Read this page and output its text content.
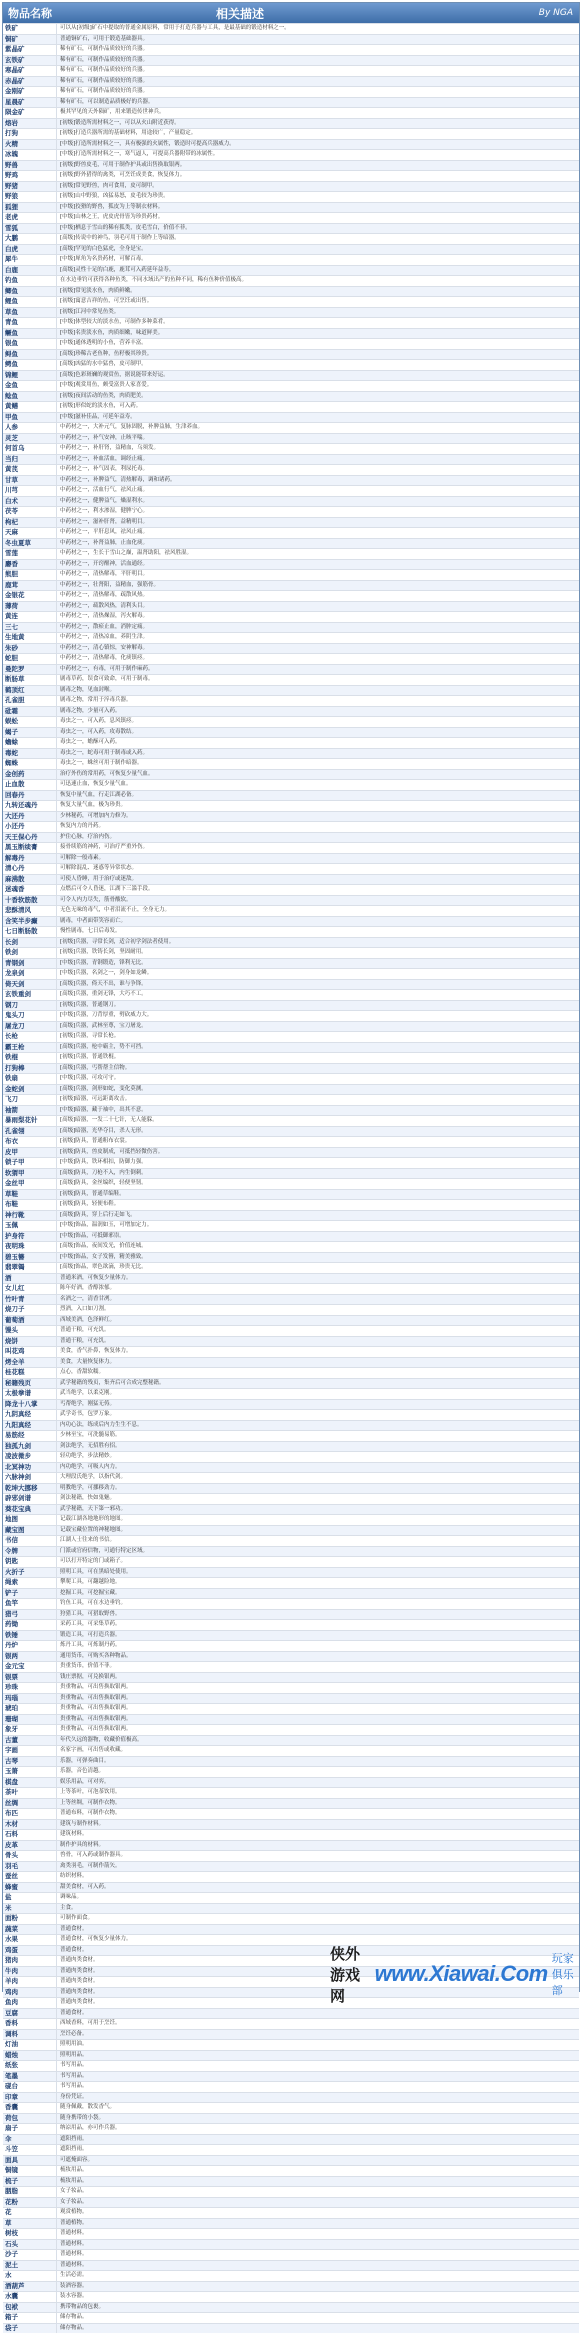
物品名称	相关描述	By NGA
铁矿	可以从[初级]矿石中提取的普通金属原料，常用于打造兵器与工具，是最基础的锻造材料之一。
铜矿	普通铜矿石，可用于锻造基础器具。
紫晶矿	稀有矿石，可制作品质较好的兵器。
玄铁矿	稀有矿石，可制作品质较好的兵器。
寒晶矿	稀有矿石，可制作品质较好的兵器。
赤晶矿	稀有矿石，可制作品质较好的兵器。
金刚矿	稀有矿石，可制作品质较好的兵器。
星晨矿	稀有矿石，可以制造品质极好的兵器。
陨金矿	极其罕见的天外陨矿，用来锻造传世神兵。
熔岩	[初级]锻造所需材料之一，可以从火山附近获得。
打狗	[初级]打造兵器所需的基础材料，用途较广，产量稳定。
火精	[中级]打造所需材料之一，具有极强的火属性，锻造时可提高兵器威力。
冰魄	[中级]打造所需材料之一，寒气逼人，可提高兵器附带的冰属性。
野兽	[初级]野兽皮毛，可用于制作护具或出售换取银两。
野鸡	[初级]野外猎得的禽类，可烹饪成美食，恢复体力。
野猪	[初级]常见野兽，肉可食用，皮可制甲。
野狼	[初级]山中野狼，凶猛易怒，皮毛较为珍贵。
狐狸	[中级]狡猾的野兽，狐皮为上等制衣材料。
老虎	[中级]山林之王，虎皮虎骨皆为珍贵药材。
雪狐	[中级]栖息于雪山的稀有狐类，皮毛雪白，价值不菲。
大鹏	[高级]传说中的神鸟，羽毛可用于制作上等暗器。
白虎	[高级]罕见的白色猛虎，全身是宝。
犀牛	[中级]犀角为名贵药材，可解百毒。
白鹿	[高级]灵性十足的白鹿，鹿茸可入药延年益寿。
钓鱼	在水边垂钓可获得各种鱼类，不同水域出产的鱼种不同，稀有鱼种价值极高。
鲫鱼	[初级]常见淡水鱼，肉质鲜嫩。
鲤鱼	[初级]寓意吉祥的鱼，可烹饪或出售。
草鱼	[初级]江河中常见鱼类。
青鱼	[中级]体型较大的淡水鱼，可制作多种菜肴。
鳜鱼	[中级]名贵淡水鱼，肉质细嫩，味道鲜美。
银鱼	[中级]通体透明的小鱼，营养丰富。
鲟鱼	[高级]珍稀古老鱼种，鱼籽极其珍贵。
鳄鱼	[高级]凶猛的水中猛兽，皮可制甲。
锦鲤	[高级]色彩斑斓的观赏鱼，据说能带来好运。
金鱼	[中级]观赏用鱼，颇受富贵人家喜爱。
鲶鱼	[初级]夜间活动的鱼类，肉质肥美。
黄鳝	[初级]形似蛇的淡水鱼，可入药。
甲鱼	[中级]滋补佳品，可延年益寿。
人参	中药材之一，大补元气，复脉固脱，补脾益肺，生津养血。
灵芝	中药材之一，补气安神，止咳平喘。
何首乌	中药材之一，补肝肾，益精血，乌须发。
当归	中药材之一，补血活血，调经止痛。
黄芪	中药材之一，补气固表，利尿托毒。
甘草	中药材之一，补脾益气，清热解毒，调和诸药。
川芎	中药材之一，活血行气，祛风止痛。
白术	中药材之一，健脾益气，燥湿利水。
茯苓	中药材之一，利水渗湿，健脾宁心。
枸杞	中药材之一，滋补肝肾，益精明目。
天麻	中药材之一，平肝息风，祛风止痛。
冬虫夏草	中药材之一，补肾益肺，止血化痰。
雪莲	中药材之一，生长于雪山之巅，温肾助阳，祛风胜湿。
麝香	中药材之一，开窍醒神，活血通经。
熊胆	中药材之一，清热解毒，平肝明目。
鹿茸	中药材之一，壮肾阳，益精血，强筋骨。
金银花	中药材之一，清热解毒，疏散风热。
薄荷	中药材之一，疏散风热，清利头目。
黄连	中药材之一，清热燥湿，泻火解毒。
三七	中药材之一，散瘀止血，消肿定痛。
生地黄	中药材之一，清热凉血，养阴生津。
朱砂	中药材之一，清心镇惊，安神解毒。
蛇胆	中药材之一，清热解毒，化痰镇痉。
曼陀罗	中药材之一，有毒，可用于制作麻药。
断肠草	剧毒草药，误食可致命，可用于制毒。
鹤顶红	剧毒之物，见血封喉。
孔雀胆	剧毒之物，常用于淬毒兵器。
砒霜	剧毒之物，少量可入药。
蜈蚣	毒虫之一，可入药，息风镇痉。
蝎子	毒虫之一，可入药，攻毒散结。
蟾蜍	毒虫之一，蟾酥可入药。
毒蛇	毒虫之一，蛇毒可用于制毒或入药。
蜘蛛	毒虫之一，蛛丝可用于制作暗器。
金创药	治疗外伤的常用药，可恢复少量气血。
止血散	可迅速止血，恢复少量气血。
回春丹	恢复中量气血，行走江湖必备。
九转还魂丹	恢复大量气血，极为珍贵。
大还丹	少林秘药，可增加内力修为。
小还丹	恢复内力的丹药。
天王保心丹	护住心脉，疗治内伤。
黑玉断续膏	接骨续筋的神药，可治疗严重外伤。
解毒丹	可解除一般毒素。
清心丹	可解除混乱、迷惑等异常状态。
麻沸散	可使人昏睡，用于治疗或迷敌。
迷魂香	点燃后可令人昏迷，江湖下三滥手段。
十香软筋散	可令人内力尽失，筋骨酸软。
悲酥清风	无色无味的毒气，中者泪流不止，全身无力。
含笑半步癫	剧毒，中者面带笑容而亡。
七日断肠散	慢性剧毒，七日后毒发。
长剑	[初级]兵器，寻常长剑，适合初学剑法者使用。
铁剑	[初级]兵器，铁铸长剑，坚固耐用。
青钢剑	[中级]兵器，青钢锻造，锋利无比。
龙泉剑	[中级]兵器，名剑之一，剑身如龙鳞。
倚天剑	[高级]兵器，倚天不出，谁与争锋。
玄铁重剑	[高级]兵器，重剑无锋，大巧不工。
钢刀	[初级]兵器，普通钢刀。
鬼头刀	[中级]兵器，刀背厚重，劈砍威力大。
屠龙刀	[高级]兵器，武林至尊，宝刀屠龙。
长枪	[初级]兵器，寻常长枪。
霸王枪	[高级]兵器，枪中霸主，势不可挡。
铁棍	[初级]兵器，普通铁棍。
打狗棒	[高级]兵器，丐帮帮主信物。
铁扇	[中级]兵器，可攻可守。
金蛇剑	[高级]兵器，剑形如蛇，变化莫测。
飞刀	[初级]暗器，可远距离攻击。
袖箭	[中级]暗器，藏于袖中，出其不意。
暴雨梨花针	[高级]暗器，一发二十七针，无人能躲。
孔雀翎	[高级]暗器，光华夺目，杀人无形。
布衣	[初级]防具，普通粗布衣裳。
皮甲	[初级]防具，兽皮制成，可抵挡轻微伤害。
锁子甲	[中级]防具，铁环相扣，防御力强。
软猬甲	[高级]防具，刀枪不入，内生倒刺。
金丝甲	[高级]防具，金丝编织，轻便坚韧。
草鞋	[初级]防具，普通草编鞋。
布鞋	[初级]防具，轻便布鞋。
神行靴	[高级]防具，穿上后行走如飞。
玉佩	[中级]饰品，温润如玉，可增加定力。
护身符	[中级]饰品，可抵御邪祟。
夜明珠	[高级]饰品，夜间发光，价值连城。
碧玉簪	[中级]饰品，女子发簪，精美雅致。
翡翠镯	[高级]饰品，翠色欲滴，珍贵无比。
酒	普通米酒，可恢复少量体力。
女儿红	陈年好酒，香醇浓郁。
竹叶青	名酒之一，清香甘冽。
烧刀子	烈酒，入口如刀割。
葡萄酒	西域美酒，色泽鲜红。
馒头	普通干粮，可充饥。
烧饼	普通干粮，可充饥。
叫花鸡	美食，香气扑鼻，恢复体力。
烤全羊	美食，大量恢复体力。
桂花糕	点心，香甜软糯。
秘籍残页	武学秘籍的残页，集齐后可合成完整秘籍。
太极拳谱	武当绝学，以柔克刚。
降龙十八掌	丐帮绝学，刚猛无俦。
九阴真经	武学奇书，包罗万象。
九阳真经	内功心法，练成后内力生生不息。
易筋经	少林至宝，可洗髓易筋。
独孤九剑	剑法绝学，无招胜有招。
凌波微步	轻功绝学，步法精妙。
北冥神功	内功绝学，可吸人内力。
六脉神剑	大理段氏绝学，以指代剑。
乾坤大挪移	明教绝学，可挪移劲力。
辟邪剑谱	剑法秘籍，快如鬼魅。
葵花宝典	武学秘籍，天下第一邪功。
地图	记载江湖各地地形的地图。
藏宝图	记载宝藏位置的神秘地图。
书信	江湖人士往来的书信。
令牌	门派或官府信物，可通行特定区域。
钥匙	可以打开特定的门或箱子。
火折子	照明工具，可在黑暗处使用。
绳索	攀爬工具，可翻越险地。
铲子	挖掘工具，可挖掘宝藏。
鱼竿	钓鱼工具，可在水边垂钓。
猎弓	狩猎工具，可猎取野兽。
药锄	采药工具，可采集草药。
铁锤	锻造工具，可打造兵器。
丹炉	炼丹工具，可炼制丹药。
银两	通用货币，可购买各种物品。
金元宝	贵重货币，价值不菲。
银票	钱庄票据，可兑换银两。
珍珠	贵重物品，可出售换取银两。
玛瑙	贵重物品，可出售换取银两。
琥珀	贵重物品，可出售换取银两。
珊瑚	贵重物品，可出售换取银两。
象牙	贵重物品，可出售换取银两。
古董	年代久远的器物，收藏价值极高。
字画	名家字画，可出售或收藏。
古琴	乐器，可弹奏曲目。
玉箫	乐器，音色清越。
棋盘	娱乐用品，可对弈。
茶叶	上等茶叶，可泡茶饮用。
丝绸	上等丝绸，可制作衣物。
布匹	普通布料，可制作衣物。
木材	建筑与制作材料。
石料	建筑材料。
皮革	制作护具的材料。
骨头	兽骨，可入药或制作器具。
羽毛	禽类羽毛，可制作箭矢。
蚕丝	纺织材料。
蜂蜜	甜美食材，可入药。
盐	调味品。
米	主食。
面粉	可制作面食。
蔬菜	普通食材。
水果	普通食材，可恢复少量体力。
鸡蛋	普通食材。
猪肉	普通肉类食材。
牛肉	普通肉类食材。
羊肉	普通肉类食材。
鸡肉	普通肉类食材。
鱼肉	普通肉类食材。
豆腐	普通食材。
香料	西域香料，可用于烹饪。
调料	烹饪必备。
灯油	照明用油。
蜡烛	照明用品。
纸张	书写用品。
笔墨	书写用品。
砚台	书写用品。
印章	身份凭证。
香囊	随身佩戴，散发香气。
荷包	随身携带的小袋。
扇子	纳凉用品，亦可作兵器。
伞	遮阳挡雨。
斗笠	遮阳挡雨。
面具	可遮掩面容。
铜镜	梳妆用品。
梳子	梳妆用品。
胭脂	女子妆品。
花粉	女子妆品。
花	观赏植物。
草	普通植物。
树枝	普通材料。
石头	普通材料。
沙子	普通材料。
泥土	普通材料。
水	生活必需。
酒葫芦	装酒容器。
水囊	装水容器。
包袱	携带物品的包裹。
箱子	储存物品。
袋子	储存物品。
侠外游戏网
www.Xiawai.Com
玩家俱乐部
